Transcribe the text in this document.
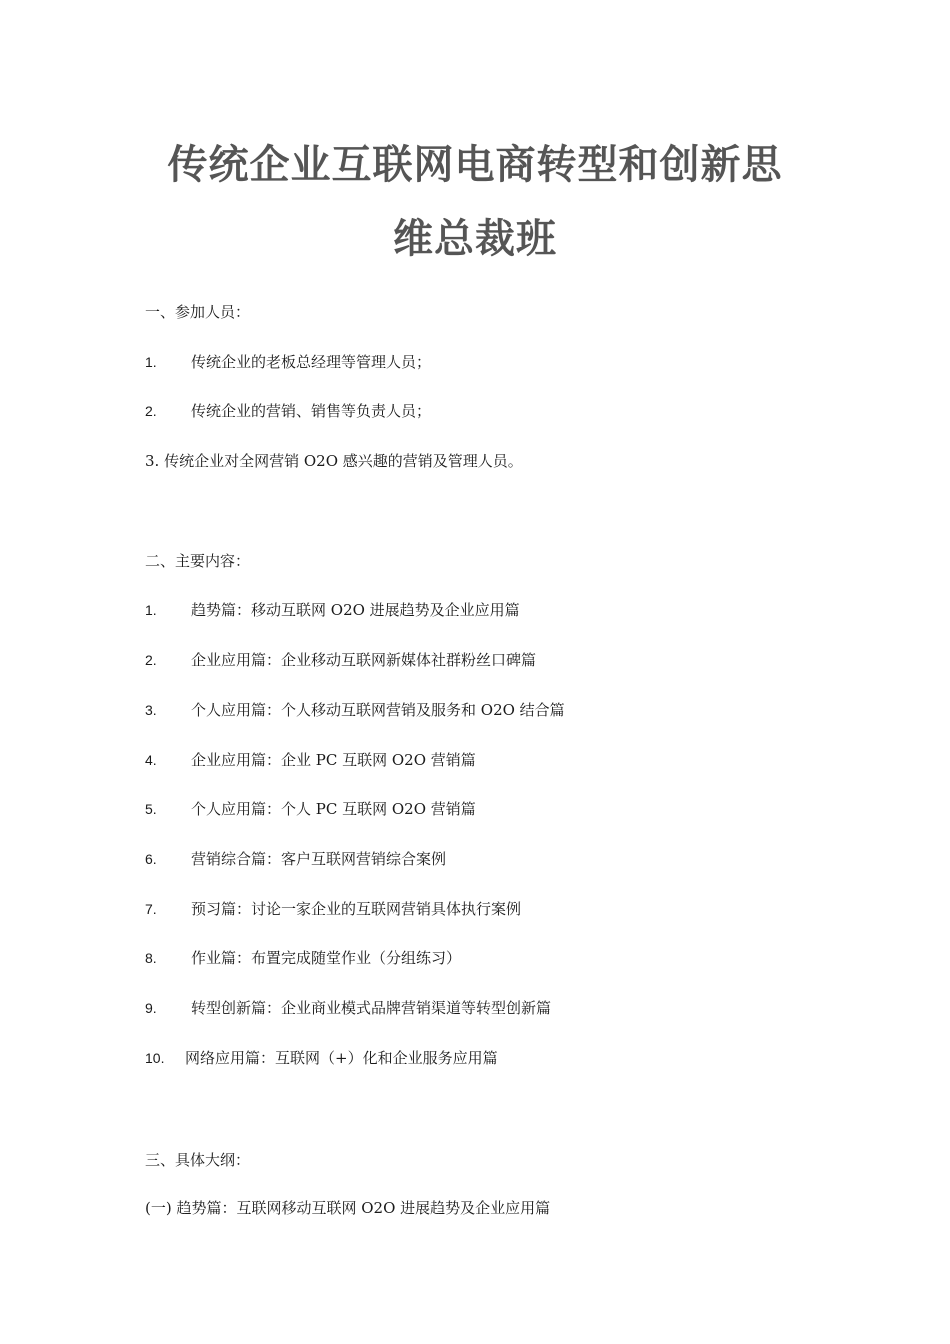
传统企业互联网电商转型和创新思
维总裁班
一、参加人员：
1. 传统企业的老板总经理等管理人员；
2. 传统企业的营销、销售等负责人员；
3. 传统企业对全网营销 O2O 感兴趣的营销及管理人员。
二、主要内容：
1. 趋势篇：移动互联网 O2O 进展趋势及企业应用篇
2. 企业应用篇：企业移动互联网新媒体社群粉丝口碑篇
3. 个人应用篇：个人移动互联网营销及服务和 O2O 结合篇
4. 企业应用篇：企业 PC 互联网 O2O 营销篇
5. 个人应用篇：个人 PC 互联网 O2O 营销篇
6. 营销综合篇：客户互联网营销综合案例
7. 预习篇：讨论一家企业的互联网营销具体执行案例
8. 作业篇：布置完成随堂作业（分组练习）
9. 转型创新篇：企业商业模式品牌营销渠道等转型创新篇
10. 网络应用篇：互联网（+）化和企业服务应用篇
三、具体大纲：
(一) 趋势篇：互联网移动互联网 O2O 进展趋势及企业应用篇
